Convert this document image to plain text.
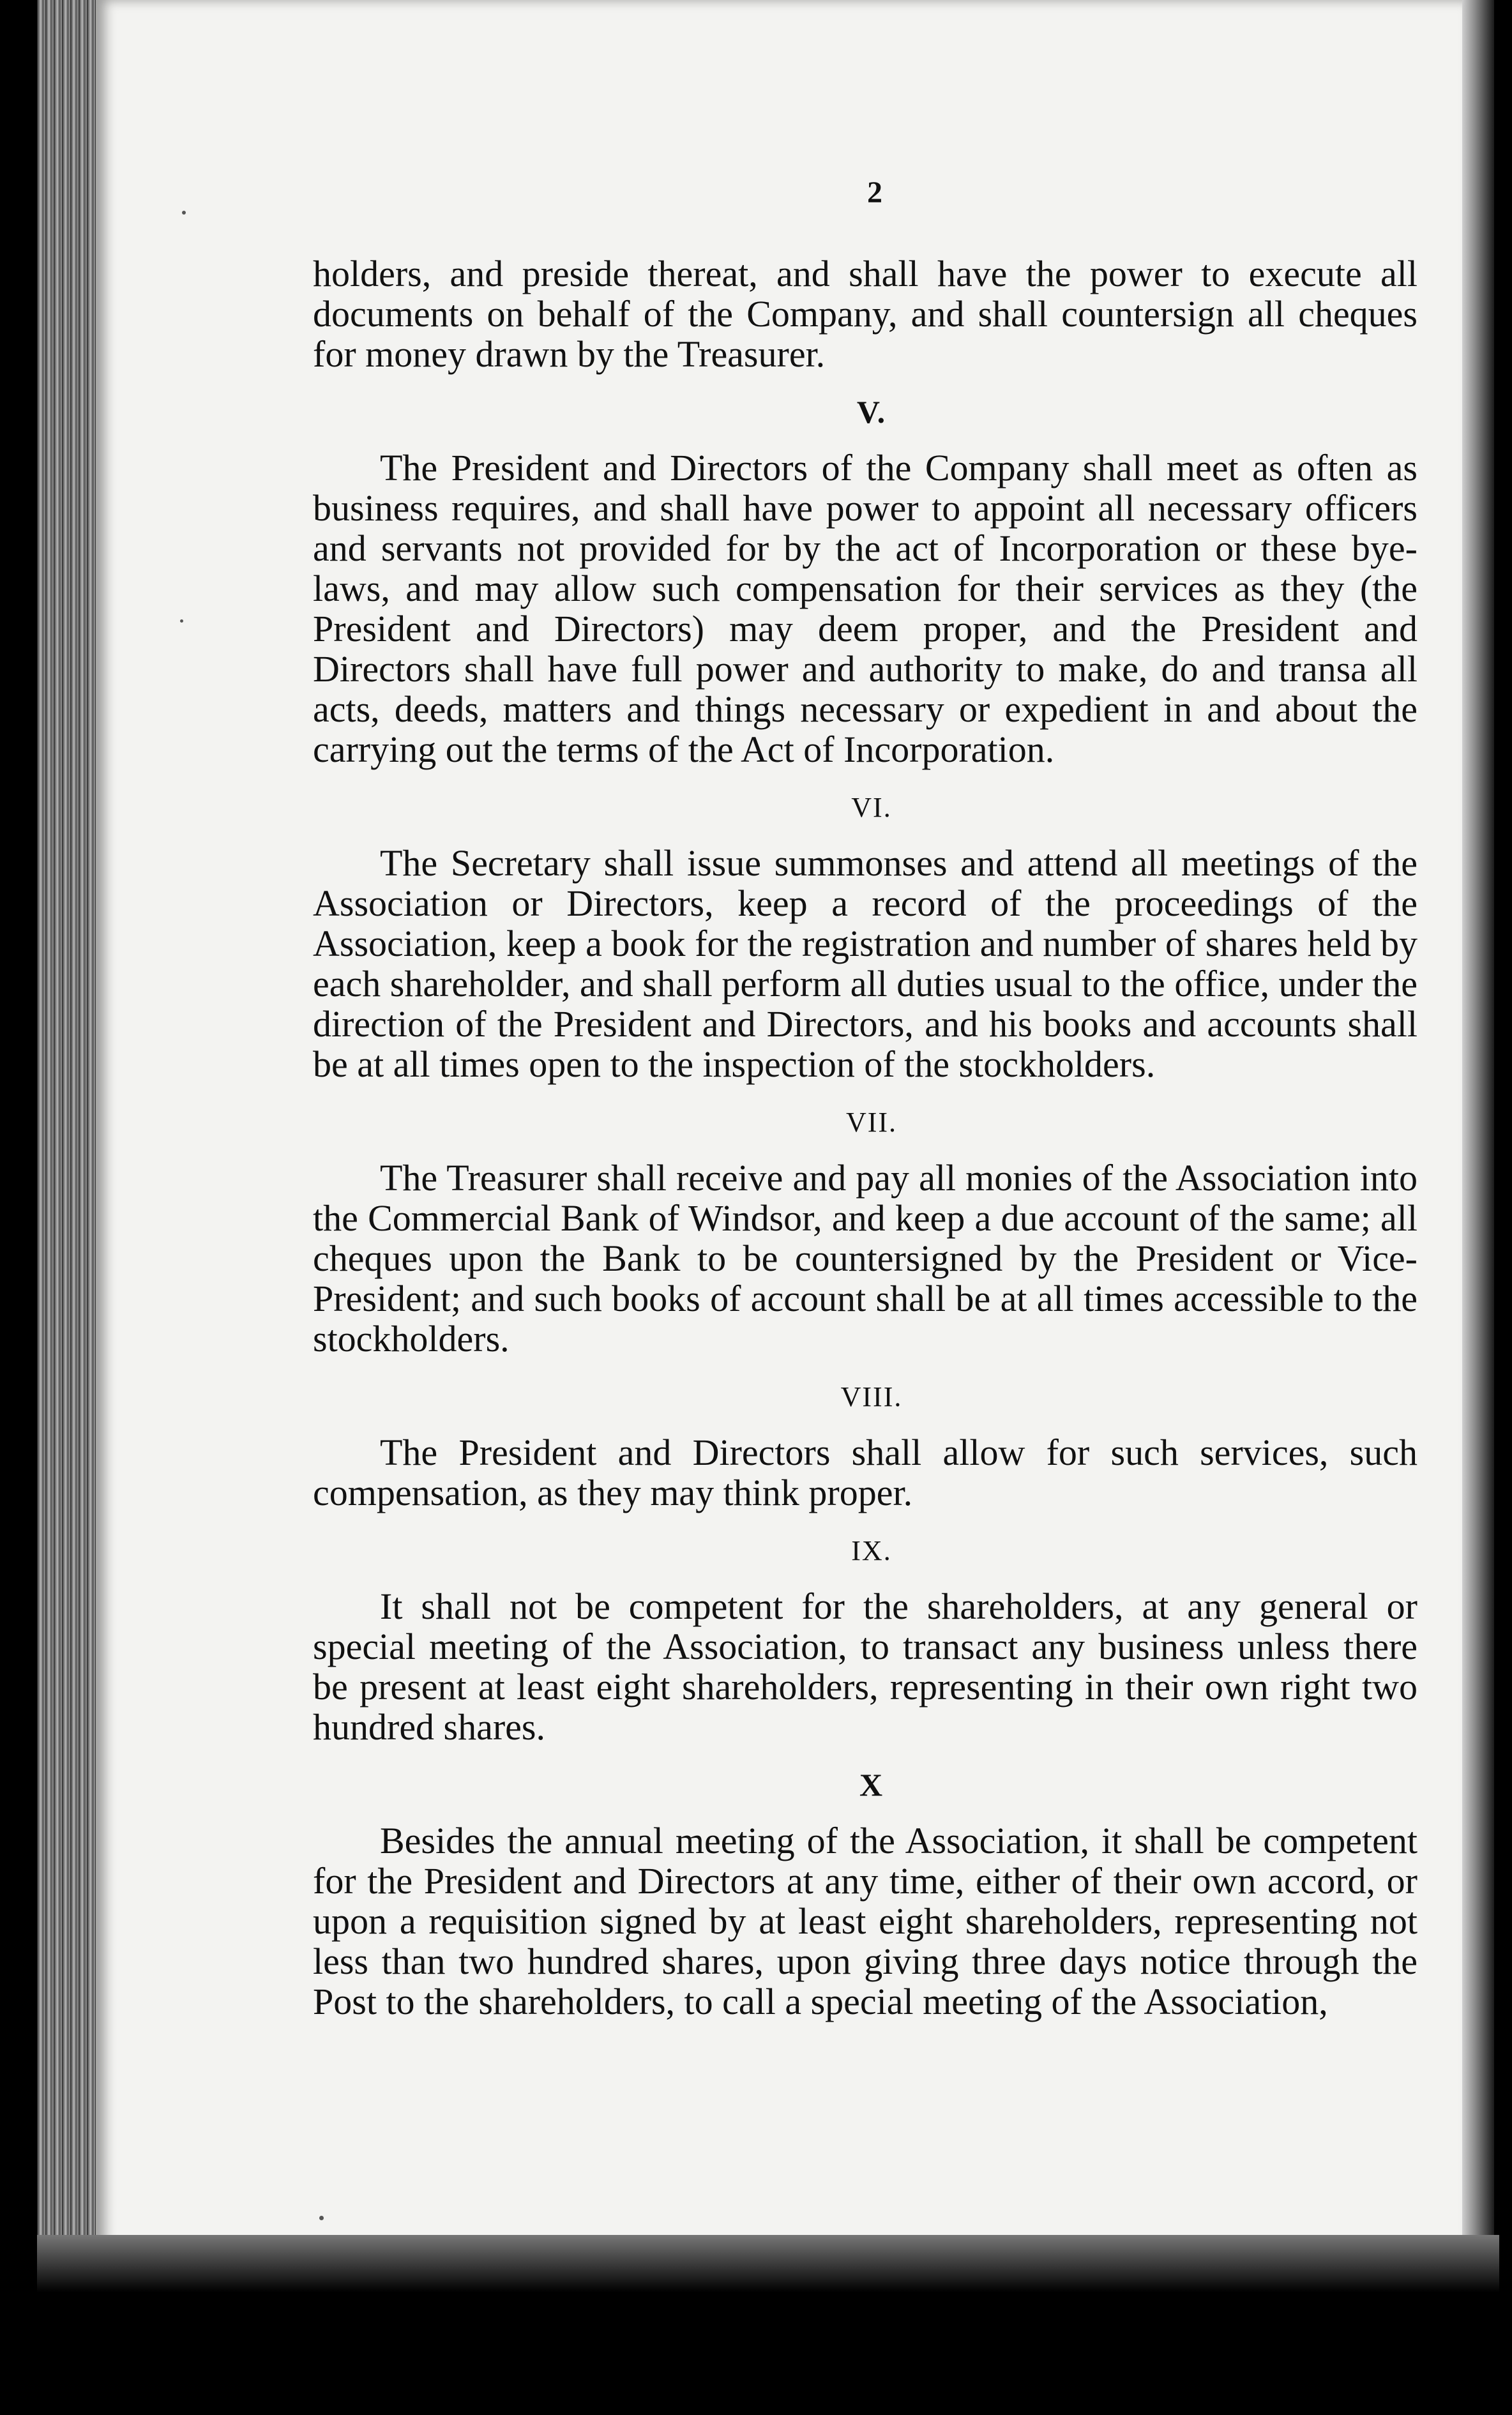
2

holders, and preside thereat, and shall have the power to execute all documents on behalf of the Company, and shall countersign all cheques for money drawn by the Treasurer.

V.

The President and Directors of the Company shall meet as often as business requires, and shall have power to appoint all necessary officers and servants not provided for by the act of Incorporation or these bye-laws, and may allow such compensation for their services as they (the President and Directors) may deem proper, and the President and Directors shall have full power and authority to make, do and transa all acts, deeds, matters and things necessary or expedient in and about the carrying out the terms of the Act of Incorporation.

VI.

The Secretary shall issue summonses and attend all meetings of the Association or Directors, keep a record of the proceedings of the Association, keep a book for the registration and number of shares held by each shareholder, and shall perform all duties usual to the office, under the direction of the President and Directors, and his books and accounts shall be at all times open to the inspection of the stockholders.

VII.

The Treasurer shall receive and pay all monies of the Association into the Commercial Bank of Windsor, and keep a due account of the same; all cheques upon the Bank to be countersigned by the President or Vice-President; and such books of account shall be at all times accessible to the stockholders.

VIII.

The President and Directors shall allow for such services, such compensation, as they may think proper.

IX.

It shall not be competent for the shareholders, at any general or special meeting of the Association, to transact any business unless there be present at least eight shareholders, representing in their own right two hundred shares.

X

Besides the annual meeting of the Association, it shall be competent for the President and Directors at any time, either of their own accord, or upon a requisition signed by at least eight shareholders, representing not less than two hundred shares, upon giving three days notice through the Post to the shareholders, to call a special meeting of the Association,
